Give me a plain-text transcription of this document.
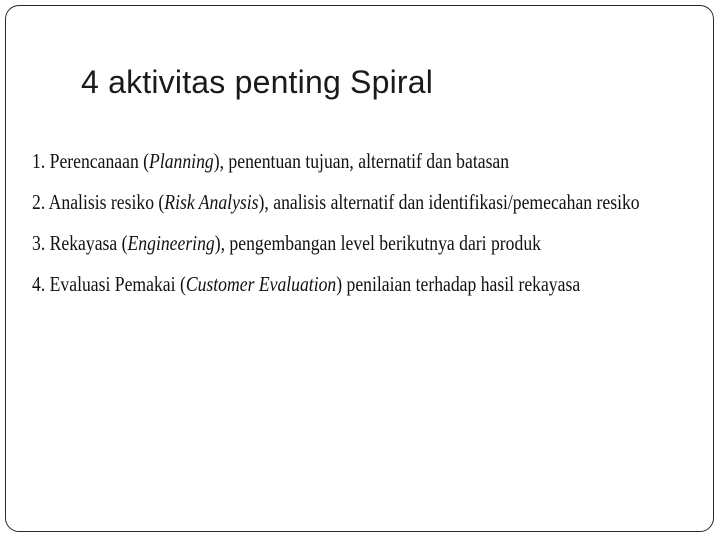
4 aktivitas penting Spiral
1. Perencanaan (Planning), penentuan tujuan, alternatif dan batasan
2. Analisis resiko (Risk Analysis), analisis alternatif dan identifikasi/pemecahan resiko
3. Rekayasa (Engineering), pengembangan level berikutnya dari produk
4. Evaluasi Pemakai (Customer Evaluation) penilaian terhadap hasil rekayasa
